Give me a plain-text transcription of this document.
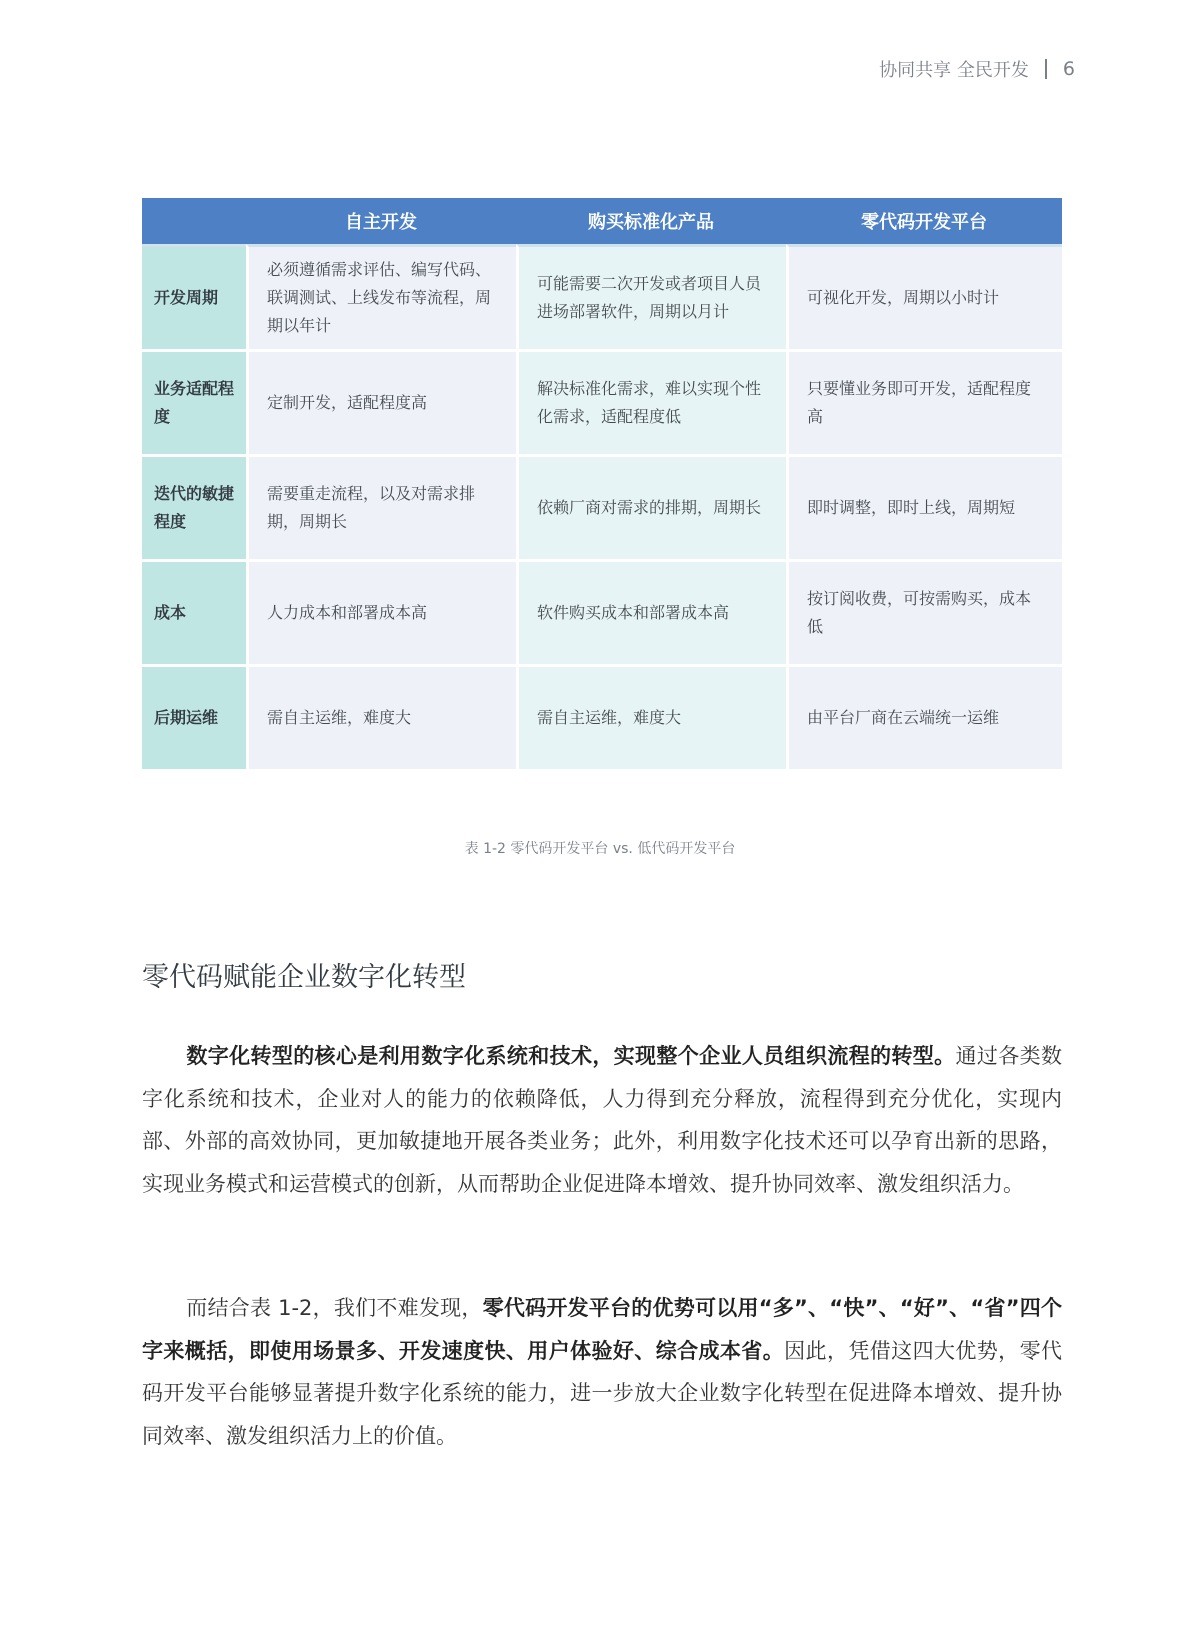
协同共享 全民开发 6
	自主开发	购买标准化产品	零代码开发平台
开发周期	必须遵循需求评估、编写代码、联调测试、上线发布等流程，周期以年计	可能需要二次开发或者项目人员进场部署软件，周期以月计	可视化开发，周期以小时计
业务适配程度	定制开发，适配程度高	解决标准化需求，难以实现个性化需求，适配程度低	只要懂业务即可开发，适配程度高
迭代的敏捷程度	需要重走流程，以及对需求排期，周期长	依赖厂商对需求的排期，周期长	即时调整，即时上线，周期短
成本	人力成本和部署成本高	软件购买成本和部署成本高	按订阅收费，可按需购买，成本低
后期运维	需自主运维，难度大	需自主运维，难度大	由平台厂商在云端统一运维
表 1-2 零代码开发平台 vs. 低代码开发平台
零代码赋能企业数字化转型

数字化转型的核心是利用数字化系统和技术，实现整个企业人员组织流程的转型。通过各类数字化系统和技术，企业对人的能力的依赖降低，人力得到充分释放，流程得到充分优化，实现内部、外部的高效协同，更加敏捷地开展各类业务；此外，利用数字化技术还可以孕育出新的思路，实现业务模式和运营模式的创新，从而帮助企业促进降本增效、提升协同效率、激发组织活力。

而结合表 1-2，我们不难发现，零代码开发平台的优势可以用“多”、“快”、“好”、“省”四个字来概括，即使用场景多、开发速度快、用户体验好、综合成本省。因此，凭借这四大优势，零代码开发平台能够显著提升数字化系统的能力，进一步放大企业数字化转型在促进降本增效、提升协同效率、激发组织活力上的价值。
